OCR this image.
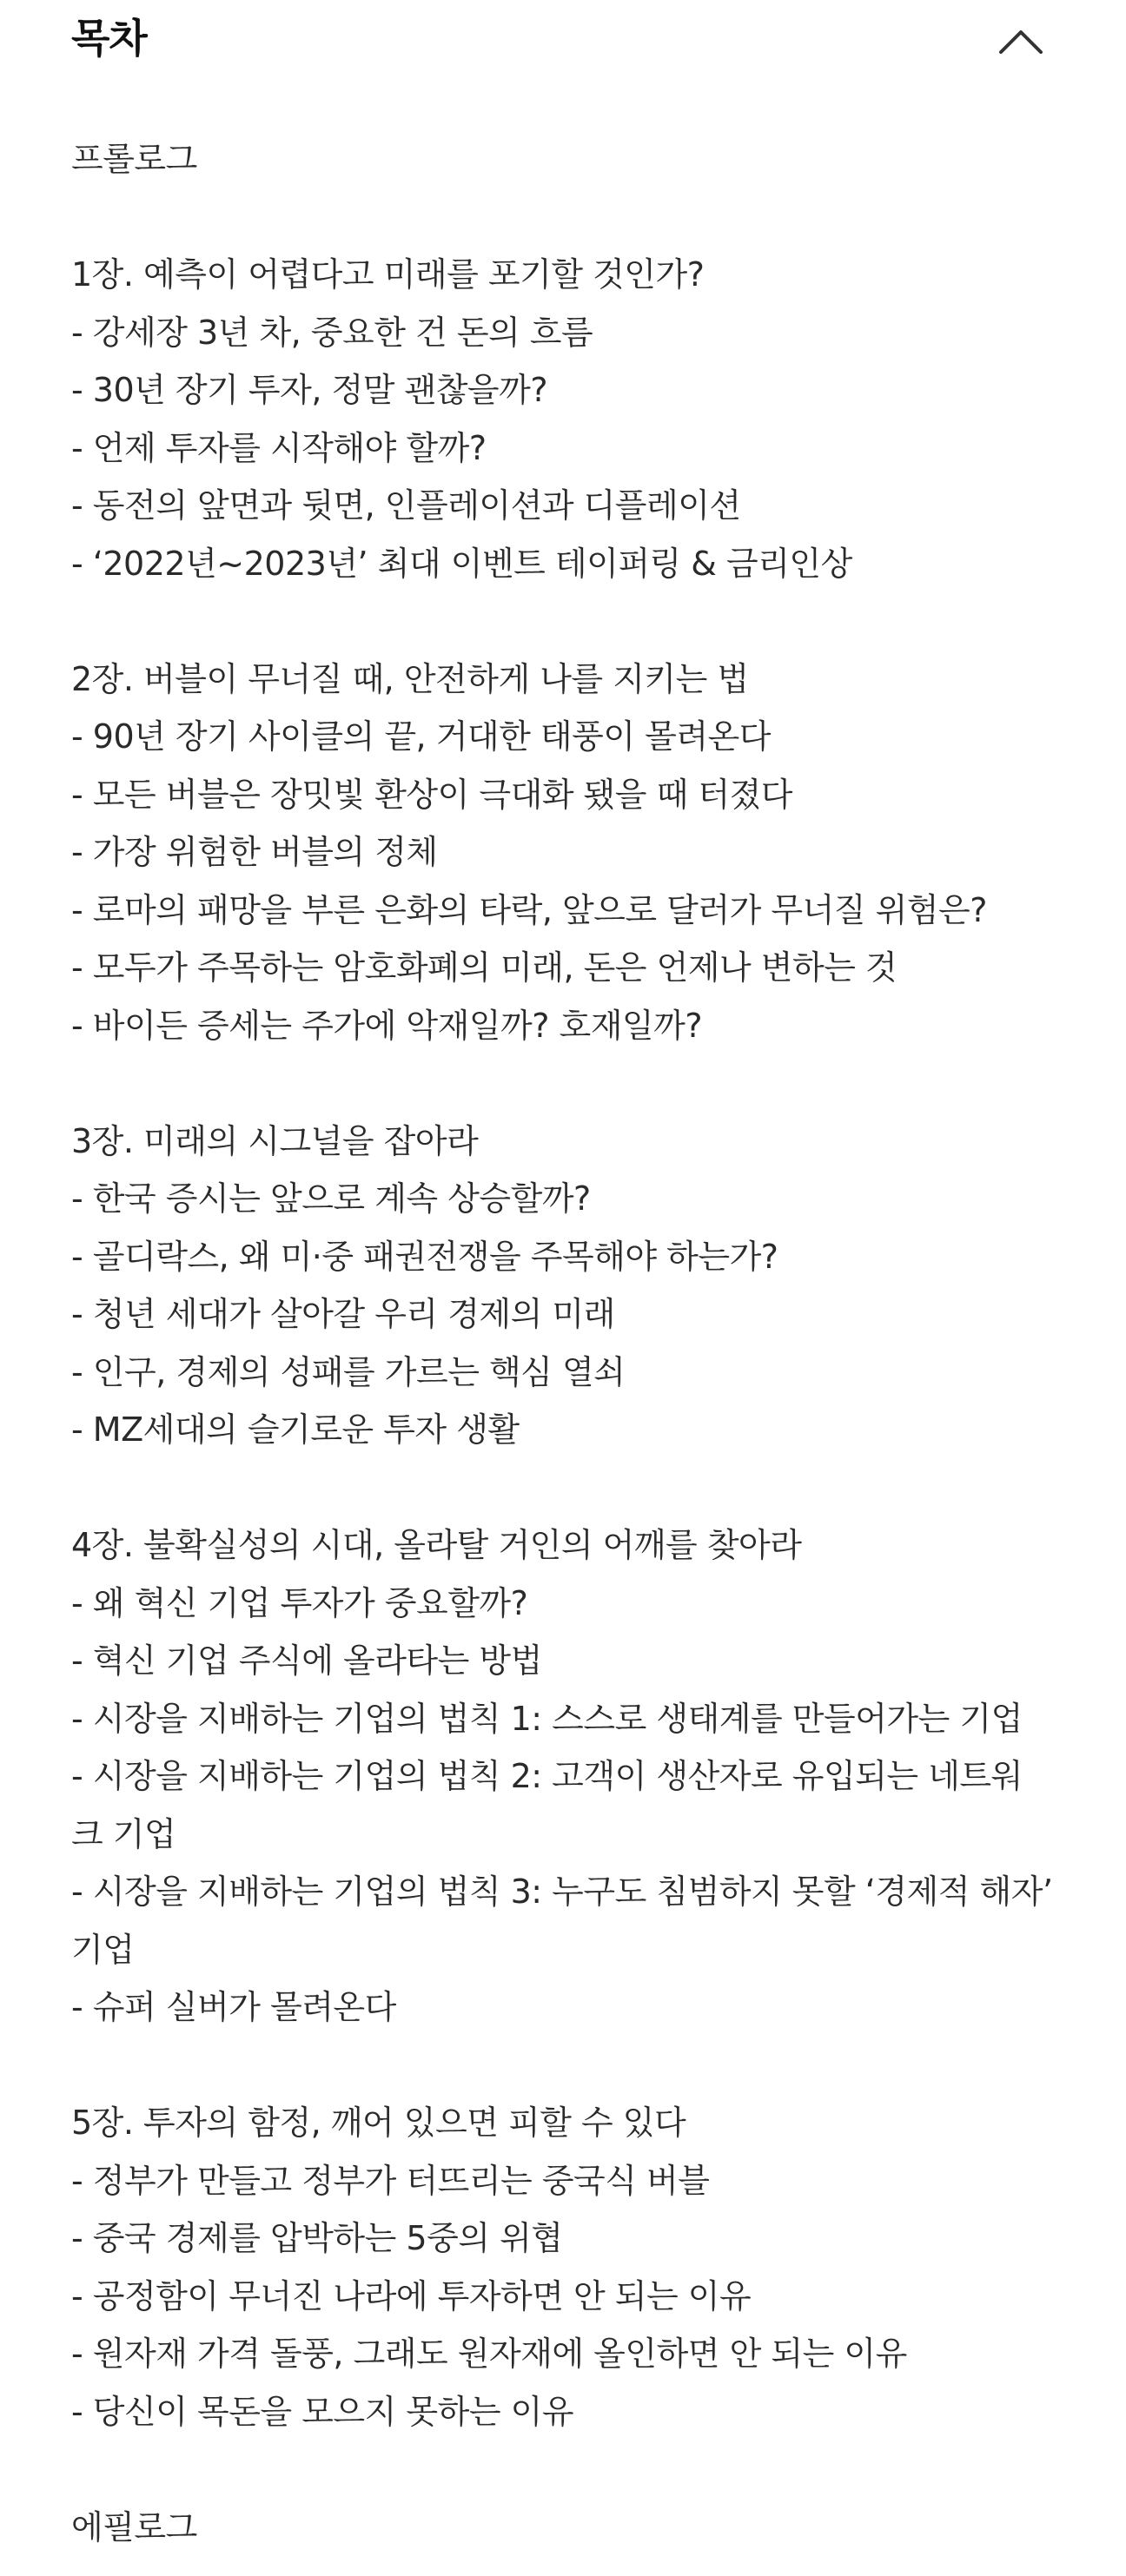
목차
프롤로그
1장. 예측이 어렵다고 미래를 포기할 것인가?
- 강세장 3년 차, 중요한 건 돈의 흐름
- 30년 장기 투자, 정말 괜찮을까?
- 언제 투자를 시작해야 할까?
- 동전의 앞면과 뒷면, 인플레이션과 디플레이션
- ‘2022년~2023년’ 최대 이벤트 테이퍼링 & 금리인상
2장. 버블이 무너질 때, 안전하게 나를 지키는 법
- 90년 장기 사이클의 끝, 거대한 태풍이 몰려온다
- 모든 버블은 장밋빛 환상이 극대화 됐을 때 터졌다
- 가장 위험한 버블의 정체
- 로마의 패망을 부른 은화의 타락, 앞으로 달러가 무너질 위험은?
- 모두가 주목하는 암호화폐의 미래, 돈은 언제나 변하는 것
- 바이든 증세는 주가에 악재일까? 호재일까?
3장. 미래의 시그널을 잡아라
- 한국 증시는 앞으로 계속 상승할까?
- 골디락스, 왜 미·중 패권전쟁을 주목해야 하는가?
- 청년 세대가 살아갈 우리 경제의 미래
- 인구, 경제의 성패를 가르는 핵심 열쇠
- MZ세대의 슬기로운 투자 생활
4장. 불확실성의 시대, 올라탈 거인의 어깨를 찾아라
- 왜 혁신 기업 투자가 중요할까?
- 혁신 기업 주식에 올라타는 방법
- 시장을 지배하는 기업의 법칙 1: 스스로 생태계를 만들어가는 기업
- 시장을 지배하는 기업의 법칙 2: 고객이 생산자로 유입되는 네트워크 기업
- 시장을 지배하는 기업의 법칙 3: 누구도 침범하지 못할 ‘경제적 해자’ 기업
- 슈퍼 실버가 몰려온다
5장. 투자의 함정, 깨어 있으면 피할 수 있다
- 정부가 만들고 정부가 터뜨리는 중국식 버블
- 중국 경제를 압박하는 5중의 위협
- 공정함이 무너진 나라에 투자하면 안 되는 이유
- 원자재 가격 돌풍, 그래도 원자재에 올인하면 안 되는 이유
- 당신이 목돈을 모으지 못하는 이유
에필로그
